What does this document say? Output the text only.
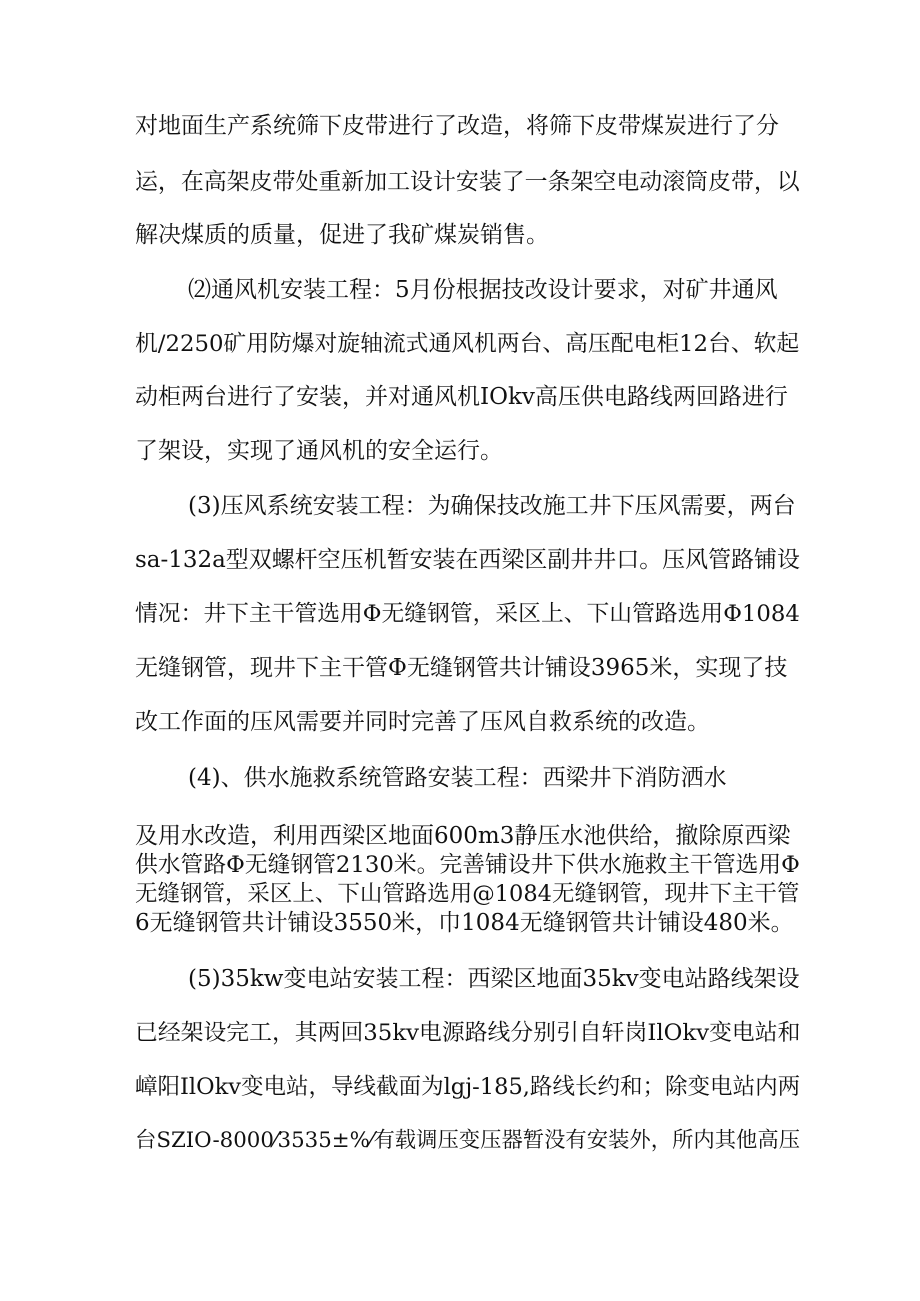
对地面生产系统筛下皮带进行了改造，将筛下皮带煤炭进行了分
运，在高架皮带处重新加工设计安装了一条架空电动滚筒皮带，以
解决煤质的质量，促进了我矿煤炭销售。
⑵通风机安装工程：5月份根据技改设计要求，对矿井通风
机/2250矿用防爆对旋轴流式通风机两台、高压配电柜12台、软起
动柜两台进行了安装，并对通风机IOkv高压供电路线两回路进行
了架设，实现了通风机的安全运行。
(3)压风系统安装工程：为确保技改施工井下压风需要，两台
sa-132a型双螺杆空压机暂安装在西梁区副井井口。压风管路铺设
情况：井下主干管选用Φ无缝钢管，采区上、下山管路选用Φ1084
无缝钢管，现井下主干管Φ无缝钢管共计铺设3965米，实现了技
改工作面的压风需要并同时完善了压风自救系统的改造。
(4)、供水施救系统管路安装工程：西梁井下消防洒水
及用水改造，利用西梁区地面600m3静压水池供给，撤除原西梁
供水管路Φ无缝钢管2130米。完善铺设井下供水施救主干管选用Φ
无缝钢管，采区上、下山管路选用@1084无缝钢管，现井下主干管
6无缝钢管共计铺设3550米，巾1084无缝钢管共计铺设480米。
(5)35kw变电站安装工程：西梁区地面35kv变电站路线架设
已经架设完工，其两回35kv电源路线分别引自轩岗IlOkv变电站和
嶂阳IlOkv变电站，导线截面为lgj-185,路线长约和；除变电站内两
台SZIO-8000⁄3535±%⁄有载调压变压器暂没有安装外，所内其他高压
